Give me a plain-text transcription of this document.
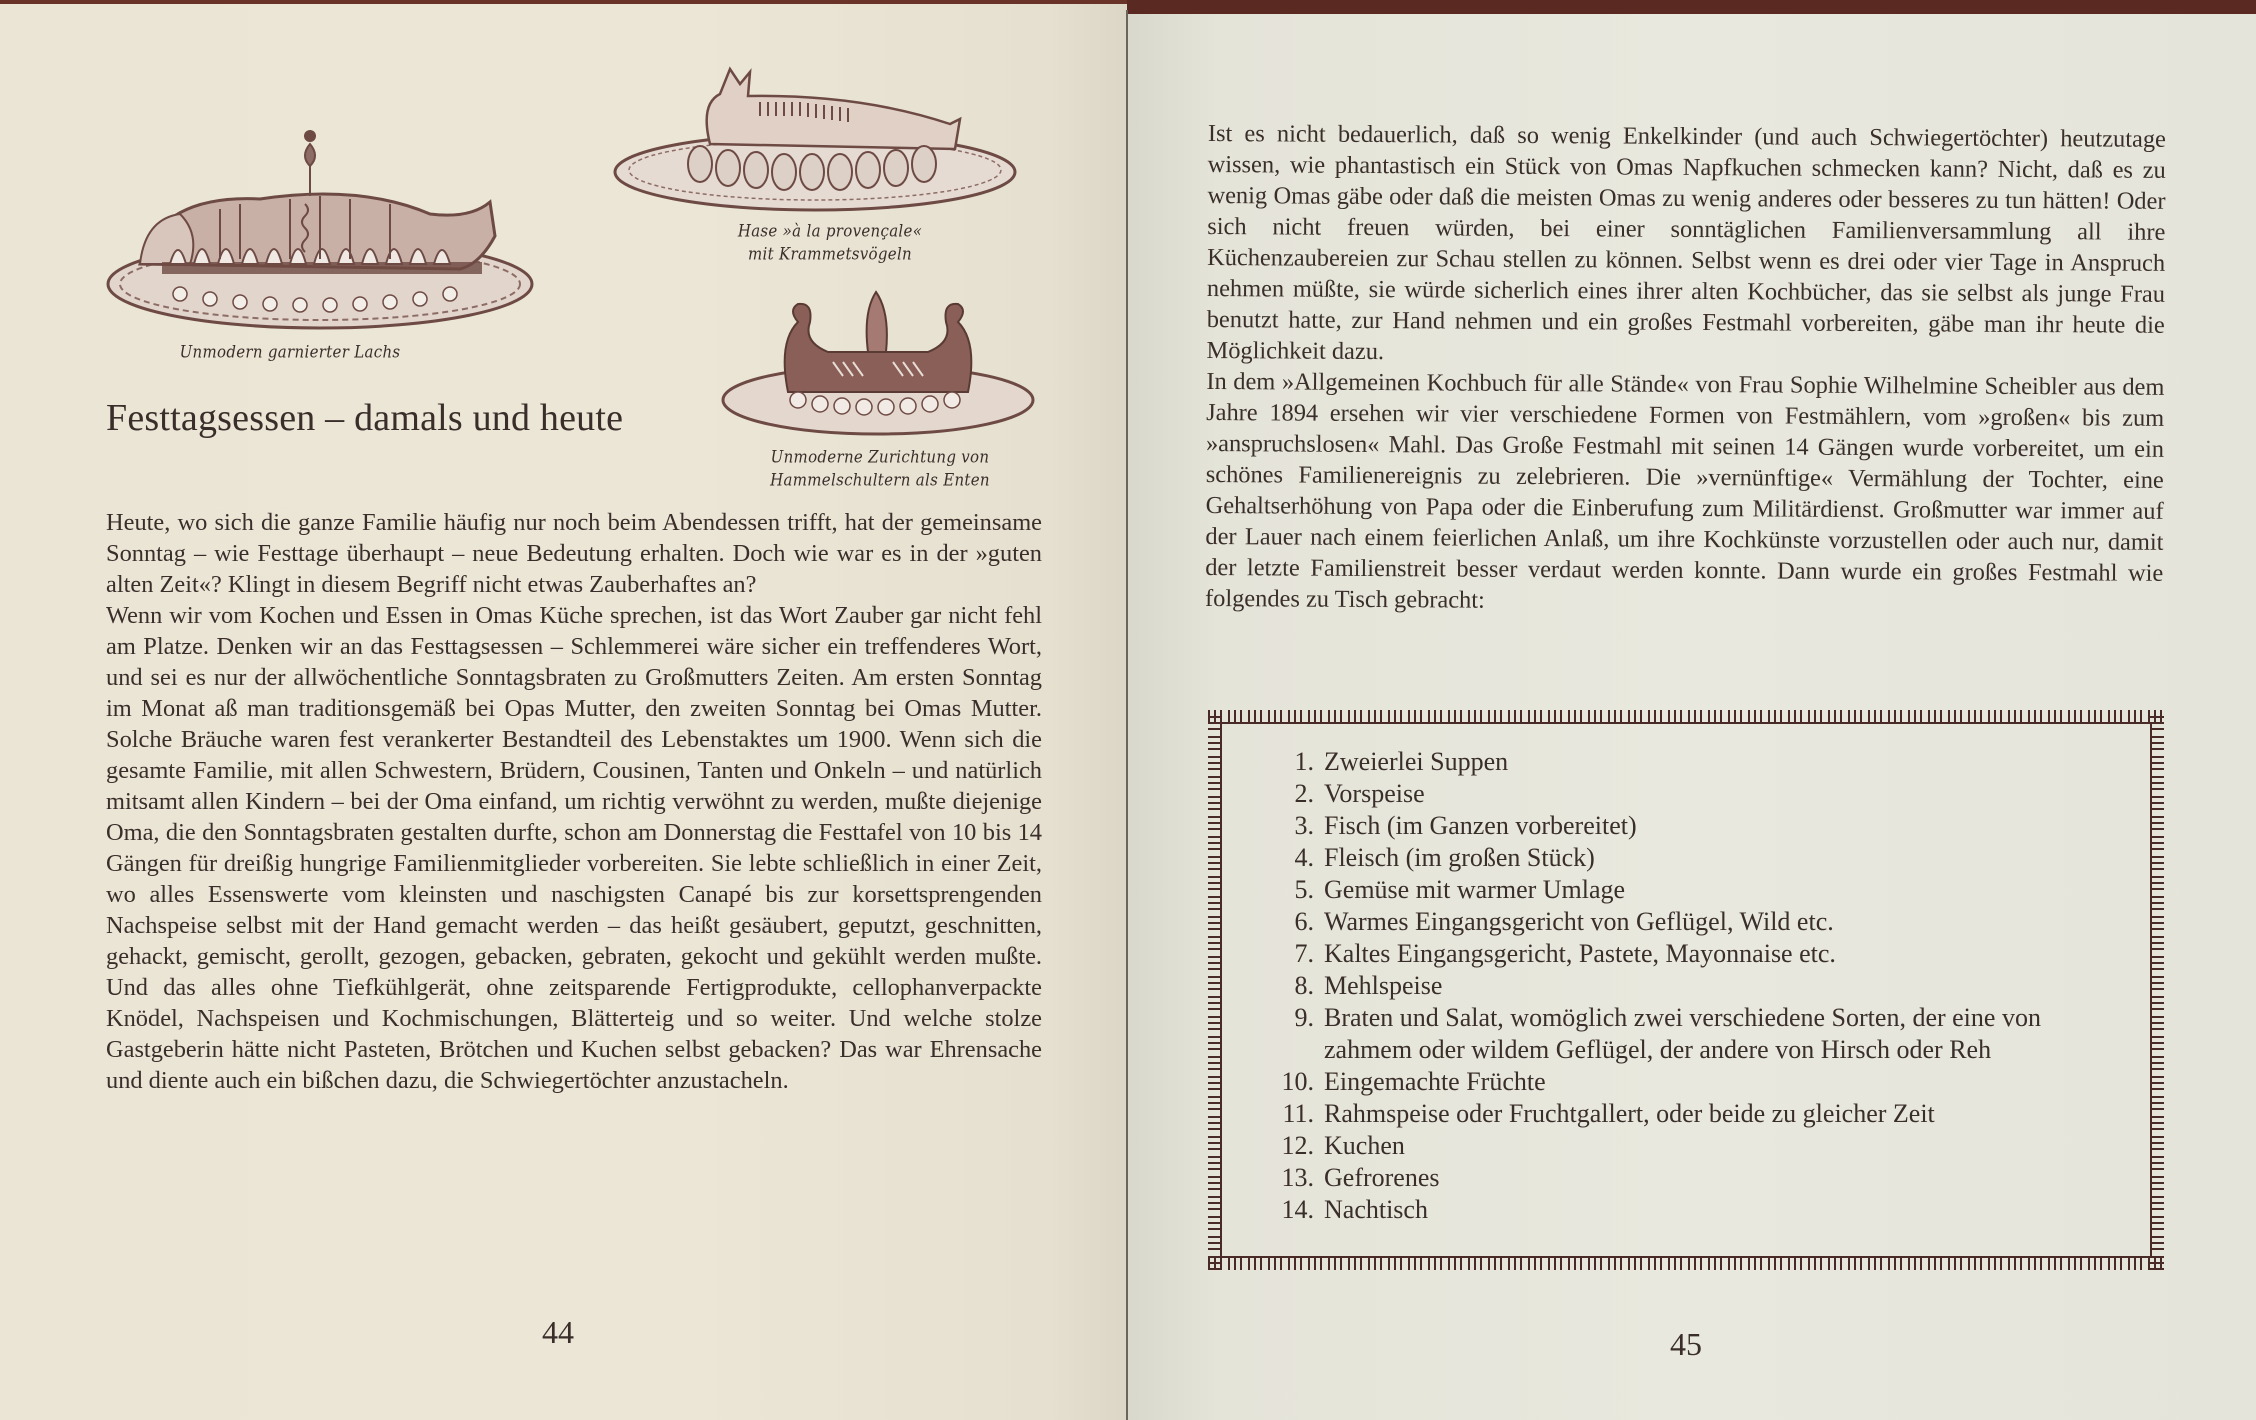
Unmodern garnierter Lachs
Hase »à la provençale«
mit Krammetsvögeln
Unmoderne Zurichtung von
Hammelschultern als Enten
Festtagsessen – damals und heute

Heute, wo sich die ganze Familie häufig nur noch beim Abendessen trifft, hat der gemeinsame Sonntag – wie Festtage überhaupt – neue Bedeutung erhalten. Doch wie war es in der »guten alten Zeit«? Klingt in diesem Begriff nicht etwas Zauberhaftes an?

Wenn wir vom Kochen und Essen in Omas Küche sprechen, ist das Wort Zauber gar nicht fehl am Platze. Denken wir an das Festtagsessen – Schlemmerei wäre sicher ein treffenderes Wort, und sei es nur der allwöchentliche Sonntagsbraten zu Großmutters Zeiten. Am ersten Sonntag im Monat aß man traditionsgemäß bei Opas Mutter, den zweiten Sonntag bei Omas Mutter. Solche Bräuche waren fest verankerter Bestandteil des Lebenstaktes um 1900. Wenn sich die gesamte Familie, mit allen Schwestern, Brüdern, Cousinen, Tanten und Onkeln – und natürlich mitsamt allen Kindern – bei der Oma einfand, um richtig verwöhnt zu werden, mußte diejenige Oma, die den Sonntagsbraten gestalten durfte, schon am Donnerstag die Festtafel von 10 bis 14 Gängen für dreißig hungrige Familienmitglieder vorbereiten. Sie lebte schließlich in einer Zeit, wo alles Essenswerte vom kleinsten und naschigsten Canapé bis zur korsettsprengenden Nachspeise selbst mit der Hand gemacht werden – das heißt gesäubert, geputzt, geschnitten, gehackt, gemischt, gerollt, gezogen, gebacken, gebraten, gekocht und gekühlt werden mußte. Und das alles ohne Tiefkühlgerät, ohne zeitsparende Fertigprodukte, cellophanverpackte Knödel, Nachspeisen und Kochmischungen, Blätterteig und so weiter. Und welche stolze Gastgeberin hätte nicht Pasteten, Brötchen und Kuchen selbst gebacken? Das war Ehrensache und diente auch ein bißchen dazu, die Schwiegertöchter anzustacheln.

44

Ist es nicht bedauerlich, daß so wenig Enkelkinder (und auch Schwiegertöchter) heutzutage wissen, wie phantastisch ein Stück von Omas Napfkuchen schmecken kann? Nicht, daß es zu wenig Omas gäbe oder daß die meisten Omas zu wenig anderes oder besseres zu tun hätten! Oder sich nicht freuen würden, bei einer sonntäglichen Familienversammlung all ihre Küchenzaubereien zur Schau stellen zu können. Selbst wenn es drei oder vier Tage in Anspruch nehmen müßte, sie würde sicherlich eines ihrer alten Kochbücher, das sie selbst als junge Frau benutzt hatte, zur Hand nehmen und ein großes Festmahl vorbereiten, gäbe man ihr heute die Möglichkeit dazu.

In dem »Allgemeinen Kochbuch für alle Stände« von Frau Sophie Wilhelmine Scheibler aus dem Jahre 1894 ersehen wir vier verschiedene Formen von Festmählern, vom »großen« bis zum »anspruchslosen« Mahl. Das Große Festmahl mit seinen 14 Gängen wurde vorbereitet, um ein schönes Familienereignis zu zelebrieren. Die »vernünftige« Vermählung der Tochter, eine Gehaltserhöhung von Papa oder die Einberufung zum Militärdienst. Großmutter war immer auf der Lauer nach einem feierlichen Anlaß, um ihre Kochkünste vorzustellen oder auch nur, damit der letzte Familienstreit besser verdaut werden konnte. Dann wurde ein großes Festmahl wie folgendes zu Tisch gebracht:

1. Zweierlei Suppen
2. Vorspeise
3. Fisch (im Ganzen vorbereitet)
4. Fleisch (im großen Stück)
5. Gemüse mit warmer Umlage
6. Warmes Eingangsgericht von Geflügel, Wild etc.
7. Kaltes Eingangsgericht, Pastete, Mayonnaise etc.
8. Mehlspeise
9. Braten und Salat, womöglich zwei verschiedene Sorten, der eine von zahmem oder wildem Geflügel, der andere von Hirsch oder Reh
10. Eingemachte Früchte
11. Rahmspeise oder Fruchtgallert, oder beide zu gleicher Zeit
12. Kuchen
13. Gefrorenes
14. Nachtisch
45
